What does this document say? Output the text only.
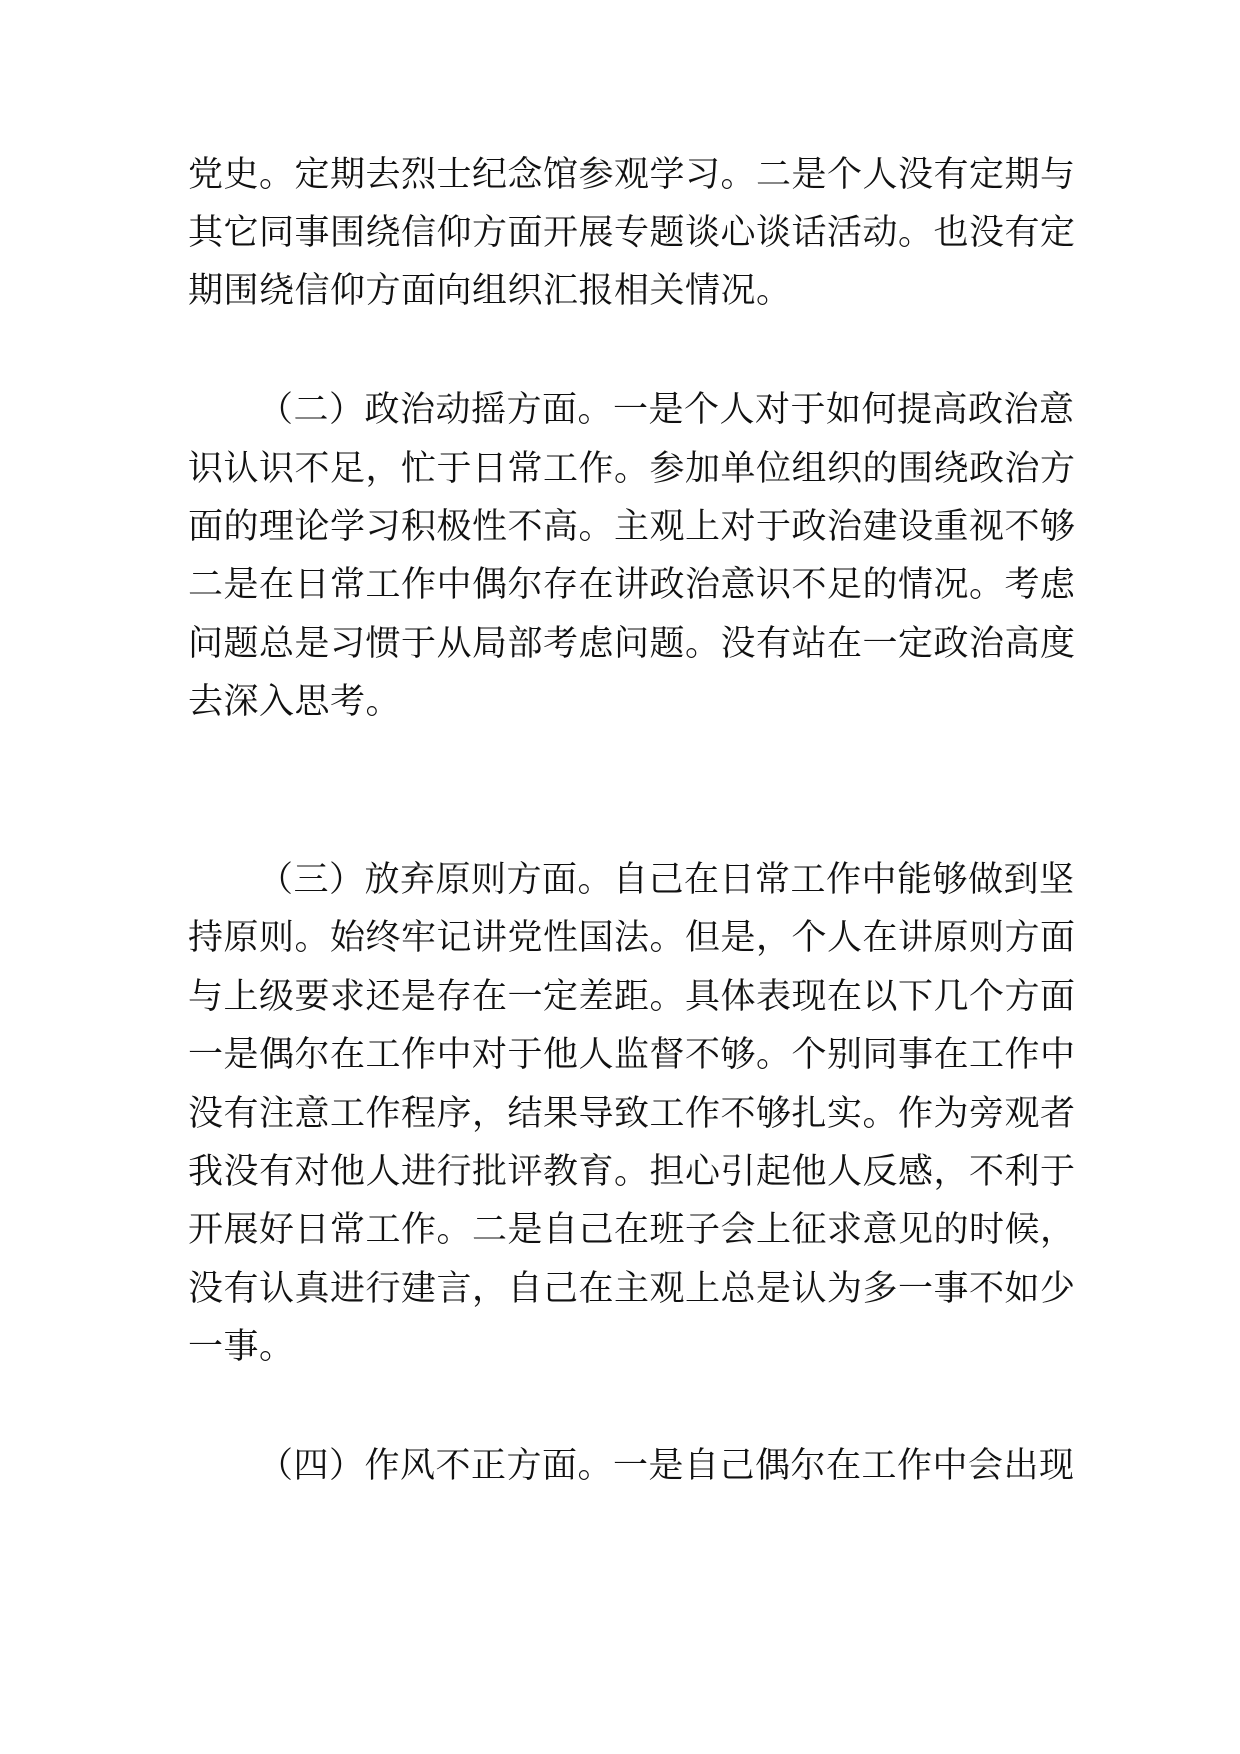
党史。定期去烈士纪念馆参观学习。二是个人没有定期与
其它同事围绕信仰方面开展专题谈心谈话活动。也没有定
期围绕信仰方面向组织汇报相关情况。
（二）政治动摇方面。一是个人对于如何提高政治意
识认识不足，忙于日常工作。参加单位组织的围绕政治方
面的理论学习积极性不高。主观上对于政治建设重视不够
二是在日常工作中偶尔存在讲政治意识不足的情况。考虑
问题总是习惯于从局部考虑问题。没有站在一定政治高度
去深入思考。
（三）放弃原则方面。自己在日常工作中能够做到坚
持原则。始终牢记讲党性国法。但是，个人在讲原则方面
与上级要求还是存在一定差距。具体表现在以下几个方面
一是偶尔在工作中对于他人监督不够。个别同事在工作中
没有注意工作程序，结果导致工作不够扎实。作为旁观者
我没有对他人进行批评教育。担心引起他人反感，不利于
开展好日常工作。二是自己在班子会上征求意见的时候，
没有认真进行建言，自己在主观上总是认为多一事不如少
一事。
（四）作风不正方面。一是自己偶尔在工作中会出现
